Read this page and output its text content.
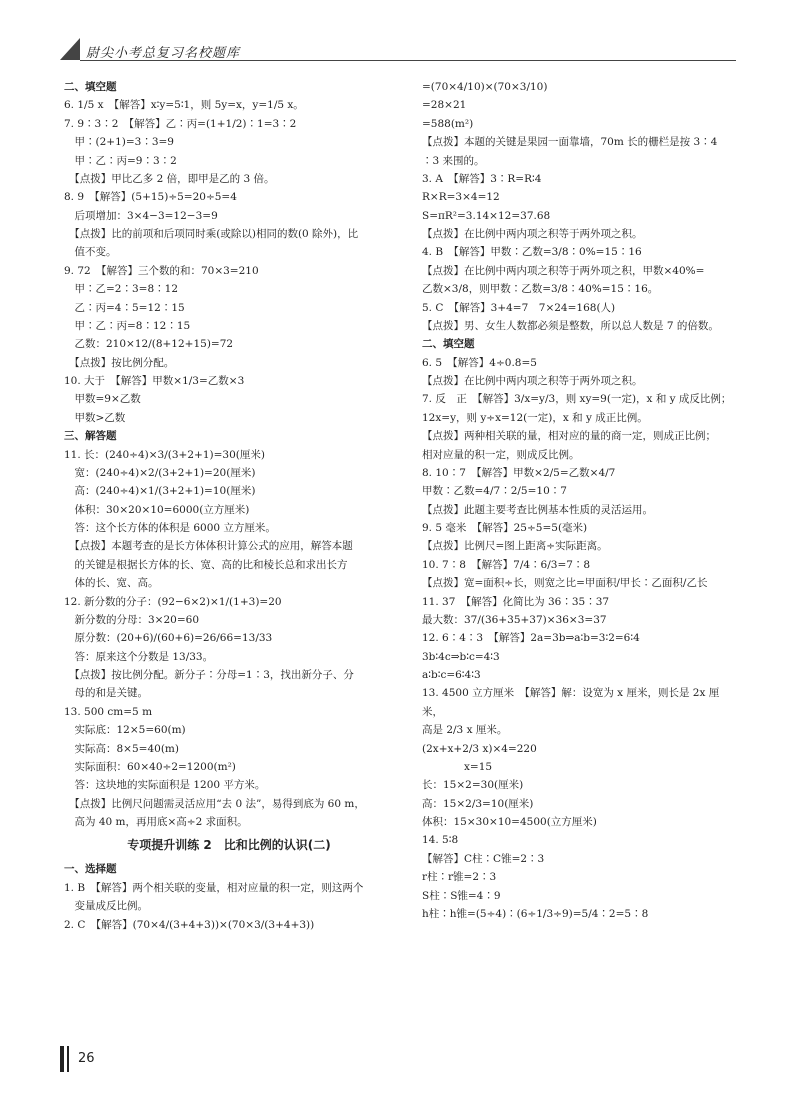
尉尖小考总复习名校题库
二、填空题
6. 1/5 x　【解答】x∶y=5∶1，则 5y=x，y=1/5 x。
7. 9∶3∶2　【解答】乙∶丙=(1+1/2)∶1=3∶2
　甲∶(2+1)=3∶3=9
　甲∶乙∶丙=9∶3∶2
　【点拨】甲比乙多 2 倍，即甲是乙的 3 倍。
8. 9　【解答】(5+15)÷5=20÷5=4
　后项增加：3×4−3=12−3=9
　【点拨】比的前项和后项同时乘(或除以)相同的数(0 除外)，比
　值不变。
9. 72　【解答】三个数的和：70×3=210
　甲∶乙=2∶3=8∶12
　乙∶丙=4∶5=12∶15
　甲∶乙∶丙=8∶12∶15
　乙数：210×12/(8+12+15)=72
　【点拨】按比例分配。
10. 大于　【解答】甲数×1/3=乙数×3
　甲数=9×乙数
　甲数>乙数
三、解答题
11. 长：(240÷4)×3/(3+2+1)=30(厘米)
　宽：(240÷4)×2/(3+2+1)=20(厘米)
　高：(240÷4)×1/(3+2+1)=10(厘米)
　体积：30×20×10=6000(立方厘米)
　答：这个长方体的体积是 6000 立方厘米。
　【点拨】本题考查的是长方体体积计算公式的应用，解答本题
　的关键是根据长方体的长、宽、高的比和棱长总和求出长方
　体的长、宽、高。
12. 新分数的分子：(92−6×2)×1/(1+3)=20
　新分数的分母：3×20=60
　原分数：(20+6)/(60+6)=26/66=13/33
　答：原来这个分数是 13/33。
　【点拨】按比例分配。新分子∶分母=1∶3，找出新分子、分
　母的和是关键。
13. 500 cm=5 m
　实际底：12×5=60(m)
　实际高：8×5=40(m)
　实际面积：60×40÷2=1200(m²)
　答：这块地的实际面积是 1200 平方米。
　【点拨】比例尺问题需灵活应用“去 0 法”，易得到底为 60 m，
　高为 40 m，再用底×高÷2 求面积。
专项提升训练 2　比和比例的认识(二)
一、选择题
1. B　【解答】两个相关联的变量，相对应量的积一定，则这两个
　变量成反比例。
2. C　【解答】(70×4/(3+4+3))×(70×3/(3+4+3))
=(70×4/10)×(70×3/10)
=28×21
=588(m²)
【点拨】本题的关键是果园一面靠墙，70m 长的栅栏是按 3∶4
∶3 来围的。
3. A　【解答】3∶R=R∶4
R×R=3×4=12
S=πR²=3.14×12=37.68
【点拨】在比例中两内项之积等于两外项之积。
4. B　【解答】甲数∶乙数=3/8∶0%=15∶16
【点拨】在比例中两内项之积等于两外项之积，甲数×40%=
乙数×3/8，则甲数∶乙数=3/8∶40%=15∶16。
5. C　【解答】3+4=7　7×24=168(人)
【点拨】男、女生人数都必须是整数，所以总人数是 7 的倍数。
二、填空题
6. 5　【解答】4÷0.8=5
【点拨】在比例中两内项之积等于两外项之积。
7. 反　正　【解答】3/x=y/3，则 xy=9(一定)，x 和 y 成反比例；
12x=y，则 y÷x=12(一定)，x 和 y 成正比例。
【点拨】两种相关联的量，相对应的量的商一定，则成正比例；
相对应量的积一定，则成反比例。
8. 10∶7　【解答】甲数×2/5=乙数×4/7
甲数∶乙数=4/7∶2/5=10∶7
【点拨】此题主要考查比例基本性质的灵活运用。
9. 5 毫米　【解答】25÷5=5(毫米)
【点拨】比例尺=图上距离÷实际距离。
10. 7∶8　【解答】7/4∶6/3=7∶8
【点拨】宽=面积÷长，则宽之比=甲面积/甲长∶乙面积/乙长
11. 37　【解答】化简比为 36∶35∶37
最大数：37/(36+35+37)×36×3=37
12. 6∶4∶3　【解答】2a=3b⇒a∶b=3∶2=6∶4
3b∶4c⇒b∶c=4∶3
a∶b∶c=6∶4∶3
13. 4500 立方厘米　【解答】解：设宽为 x 厘米，则长是 2x 厘米，
高是 2/3 x 厘米。
(2x+x+2/3 x)×4=220
　　　　x=15
长：15×2=30(厘米)
高：15×2/3=10(厘米)
体积：15×30×10=4500(立方厘米)
14. 5∶8
【解答】C柱∶C锥=2∶3
r柱∶r锥=2∶3
S柱∶S锥=4∶9
h柱∶h锥=(5÷4)∶(6÷1/3÷9)=5/4∶2=5∶8
26
